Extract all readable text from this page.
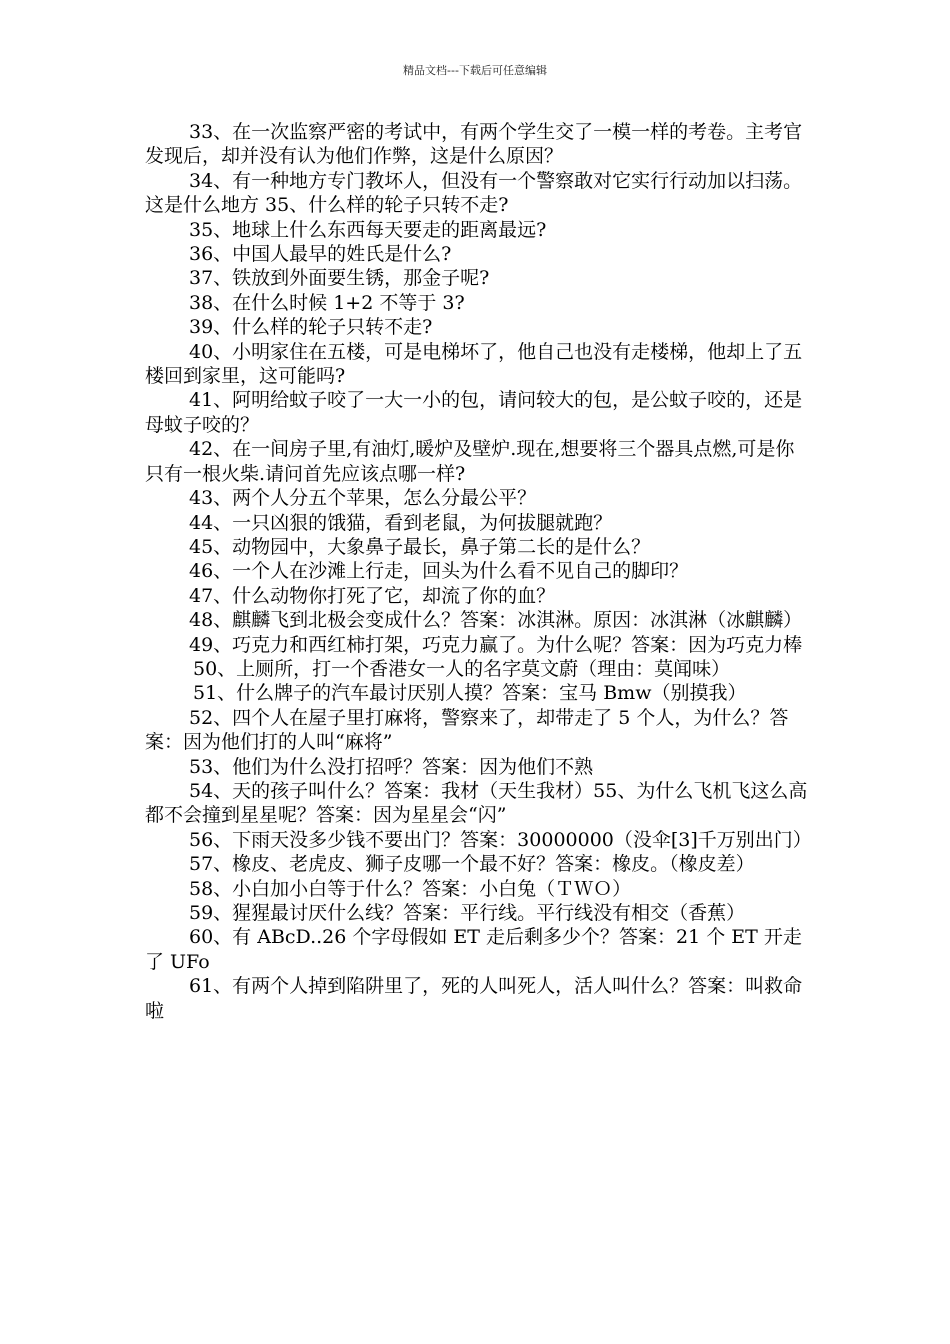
精品文档---下载后可任意编辑

33、在一次监察严密的考试中，有两个学生交了一模一样的考卷。主考官发现后，却并没有认为他们作弊，这是什么原因？

34、有一种地方专门教坏人，但没有一个警察敢对它实行行动加以扫荡。这是什么地方 35、什么样的轮子只转不走?

35、地球上什么东西每天要走的距离最远?

36、中国人最早的姓氏是什么?

37、铁放到外面要生锈，那金子呢?

38、在什么时候 1+2 不等于 3?

39、什么样的轮子只转不走?

40、小明家住在五楼，可是电梯坏了，他自己也没有走楼梯，他却上了五楼回到家里，这可能吗?

41、阿明给蚊子咬了一大一小的包，请问较大的包，是公蚊子咬的，还是母蚊子咬的？

42、在一间房子里,有油灯,暖炉及壁炉.现在,想要将三个器具点燃,可是你只有一根火柴.请问首先应该点哪一样?

43、两个人分五个苹果，怎么分最公平？

44、一只凶狠的饿猫，看到老鼠，为何拔腿就跑？

45、动物园中，大象鼻子最长，鼻子第二长的是什么？

46、一个人在沙滩上行走，回头为什么看不见自己的脚印？

47、什么动物你打死了它，却流了你的血？

48、麒麟飞到北极会变成什么？答案：冰淇淋。原因：冰淇淋（冰麒麟）

49、巧克力和西红柿打架，巧克力赢了。为什么呢？答案：因为巧克力棒

50、上厕所，打一个香港女一人的名字莫文蔚（理由：莫闻味）

51、什么牌子的汽车最讨厌别人摸？答案：宝马 Bmw（别摸我）

52、四个人在屋子里打麻将，警察来了，却带走了 5 个人，为什么？答案：因为他们打的人叫“麻将”

53、他们为什么没打招呼？答案：因为他们不熟

54、天的孩子叫什么？答案：我材（天生我材）55、为什么飞机飞这么高都不会撞到星星呢？答案：因为星星会“闪”

56、下雨天没多少钱不要出门？答案：30000000（没伞[3]千万别出门）

57、橡皮、老虎皮、狮子皮哪一个最不好？答案：橡皮。（橡皮差）

58、小白加小白等于什么？答案：小白兔（ＴＷＯ）

59、猩猩最讨厌什么线？答案：平行线。平行线没有相交（香蕉）

60、有 ABcD..26 个字母假如 ET 走后剩多少个？答案：21 个 ET 开走了 UFo

61、有两个人掉到陷阱里了，死的人叫死人，活人叫什么？答案：叫救命啦
